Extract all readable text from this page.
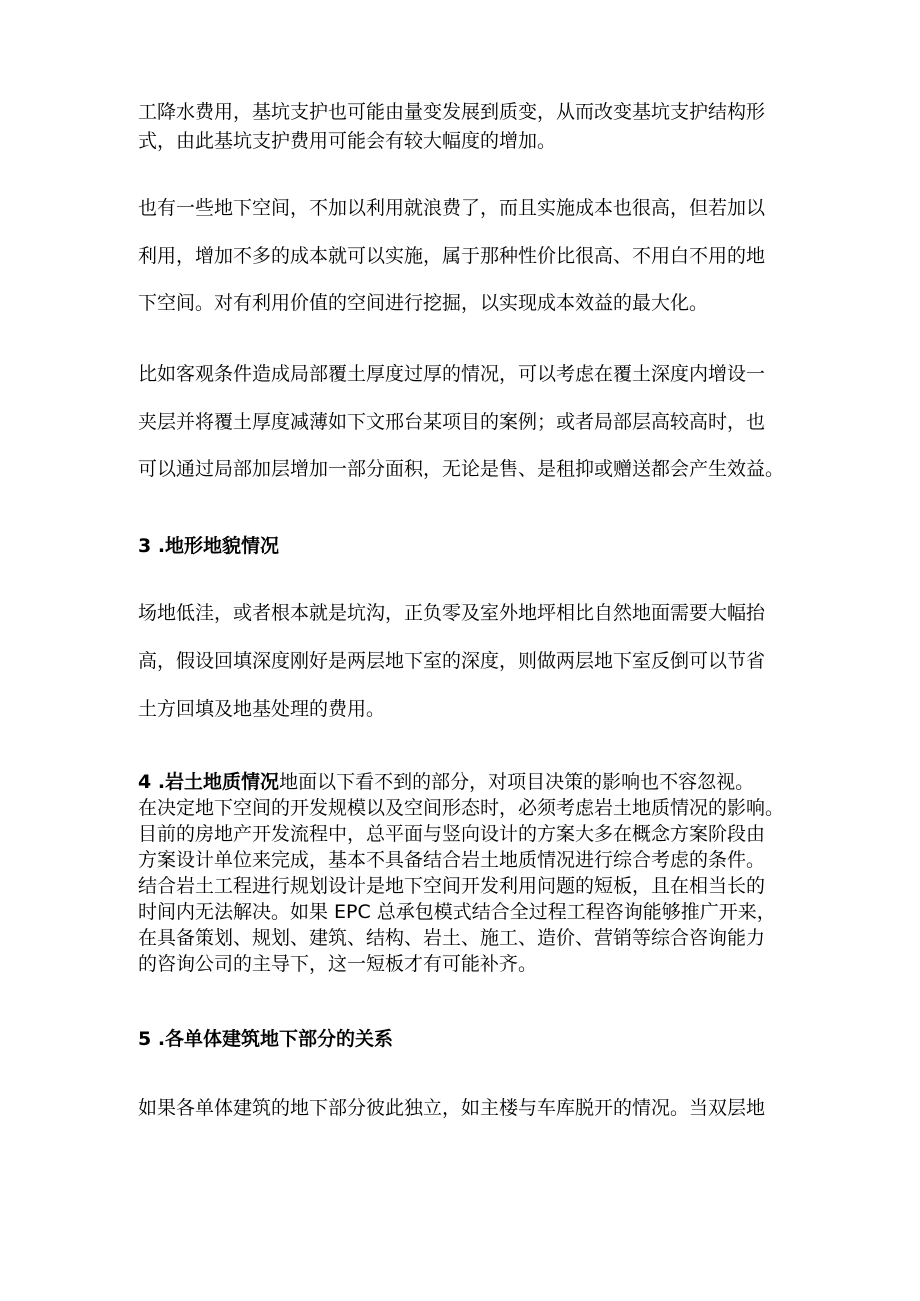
工降水费用，基坑支护也可能由量变发展到质变，从而改变基坑支护结构形
式，由此基坑支护费用可能会有较大幅度的增加。
也有一些地下空间，不加以利用就浪费了，而且实施成本也很高，但若加以
利用，增加不多的成本就可以实施，属于那种性价比很高、不用白不用的地
下空间。对有利用价值的空间进行挖掘，以实现成本效益的最大化。
比如客观条件造成局部覆土厚度过厚的情况，可以考虑在覆土深度内增设一
夹层并将覆土厚度减薄如下文邢台某项目的案例；或者局部层高较高时，也
可以通过局部加层增加一部分面积，无论是售、是租抑或赠送都会产生效益。
3 .地形地貌情况
场地低洼，或者根本就是坑沟，正负零及室外地坪相比自然地面需要大幅抬
高，假设回填深度刚好是两层地下室的深度，则做两层地下室反倒可以节省
土方回填及地基处理的费用。
4 .岩土地质情况地面以下看不到的部分，对项目决策的影响也不容忽视。
在决定地下空间的开发规模以及空间形态时，必须考虑岩土地质情况的影响。
目前的房地产开发流程中，总平面与竖向设计的方案大多在概念方案阶段由
方案设计单位来完成，基本不具备结合岩土地质情况进行综合考虑的条件。
结合岩土工程进行规划设计是地下空间开发利用问题的短板，且在相当长的
时间内无法解决。如果 EPC 总承包模式结合全过程工程咨询能够推广开来，
在具备策划、规划、建筑、结构、岩土、施工、造价、营销等综合咨询能力
的咨询公司的主导下，这一短板才有可能补齐。
5 .各单体建筑地下部分的关系
如果各单体建筑的地下部分彼此独立，如主楼与车库脱开的情况。当双层地
